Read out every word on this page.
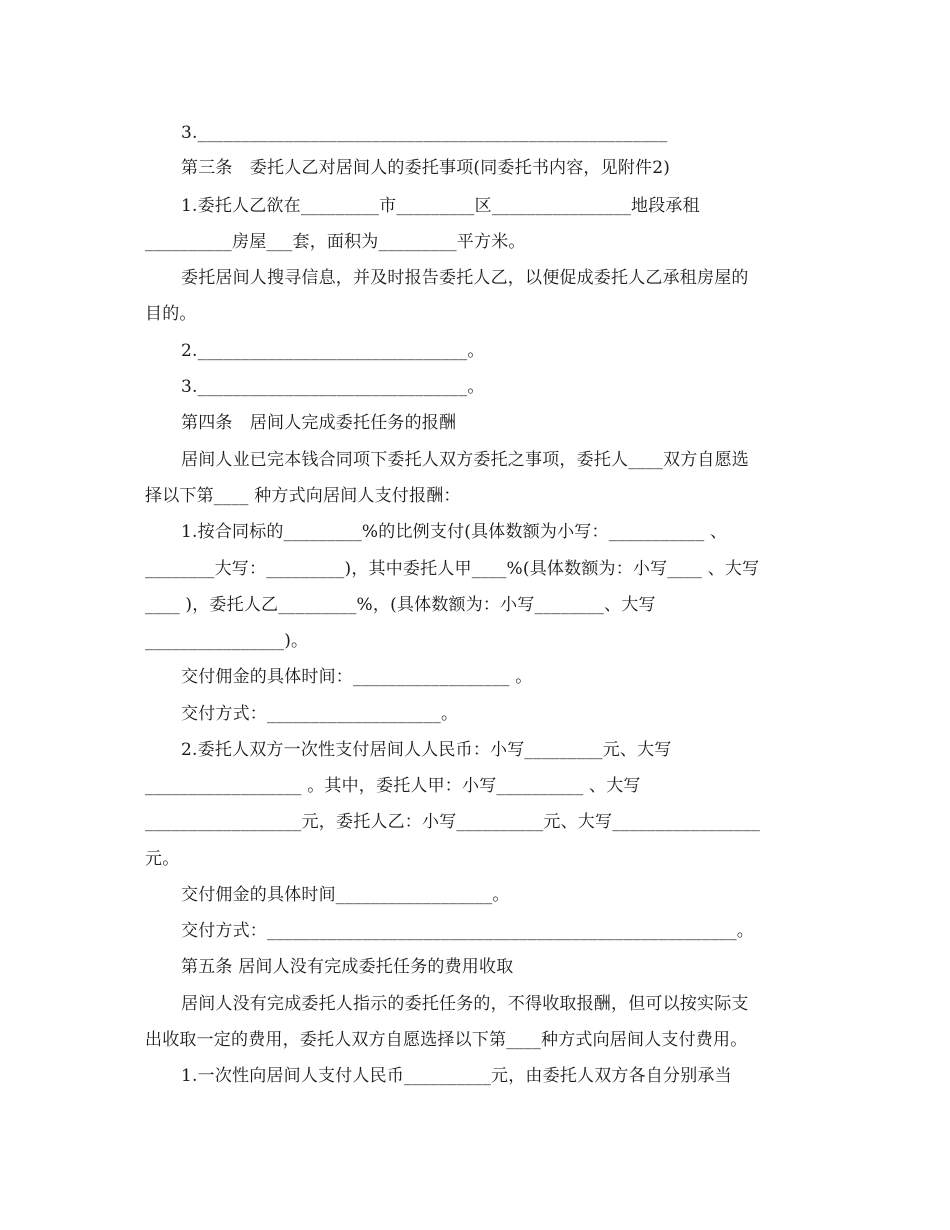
3.______________________________________________________
第三条　委托人乙对居间人的委托事项(同委托书内容，见附件2)
1.委托人乙欲在_________市_________区________________地段承租
__________房屋___套，面积为_________平方米。
委托居间人搜寻信息，并及时报告委托人乙，以便促成委托人乙承租房屋的
目的。
2._______________________________。
3._______________________________。
第四条　居间人完成委托任务的报酬
居间人业已完本钱合同项下委托人双方委托之事项，委托人____双方自愿选
择以下第____ 种方式向居间人支付报酬：
1.按合同标的_________%的比例支付(具体数额为小写：___________ 、
________大写：_________)，其中委托人甲____%(具体数额为：小写____ 、大写
____ )，委托人乙_________%，(具体数额为：小写________、大写
________________)。
交付佣金的具体时间：__________________ 。
交付方式：____________________。
2.委托人双方一次性支付居间人人民币：小写_________元、大写
__________________ 。其中，委托人甲：小写__________ 、大写
__________________元，委托人乙：小写__________元、大写_________________
元。
交付佣金的具体时间__________________。
交付方式：______________________________________________________。
第五条 居间人没有完成委托任务的费用收取
居间人没有完成委托人指示的委托任务的，不得收取报酬，但可以按实际支
出收取一定的费用，委托人双方自愿选择以下第____种方式向居间人支付费用。
1.一次性向居间人支付人民币__________元，由委托人双方各自分别承当
